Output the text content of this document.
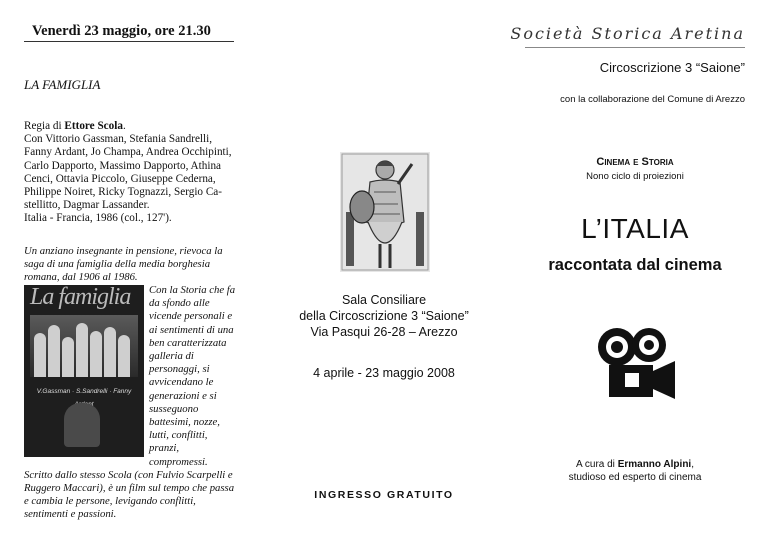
Venerdì 23 maggio, ore 21.30
LA FAMIGLIA
Regia di Ettore Scola.
Con Vittorio Gassman, Stefania Sandrelli, Fanny Ardant, Jo Champa, Andrea Occhipinti, Carlo Dapporto, Massimo Dapporto, Athina Cenci, Ottavia Piccolo, Giuseppe Cederna, Philippe Noiret, Ricky Tognazzi, Sergio Ca-stellitto, Dagmar Lassander.
Italia - Francia, 1986 (col., 127').
Un anziano insegnante in pensione, rievoca la saga di una famiglia della media borghesia romana, dal 1906 al 1986.
La famiglia
V.Gassman · S.Sandrelli · Fanny
Con la Storia che fa da sfondo alle vicende personali e ai sentimenti di una ben caratterizzata galleria di personaggi, si avvicendano le generazioni e si susseguono battesimi, nozze, lutti, conflitti, pranzi, compromessi. Scritto dallo stesso Scola (con Fulvio Scarpelli e Ruggero Maccari), è un film sul tempo che passa e cambia le persone, levigando conflitti, sentimenti e passioni.
Sala Consiliare
della Circoscrizione 3 “Saione”
Via Pasqui 26-28 – Arezzo
4 aprile - 23 maggio 2008
INGRESSO GRATUITO
Società Storica Aretina
Circoscrizione 3 “Saione”
con la collaborazione del Comune di Arezzo
Cinema e Storia
Nono ciclo di proiezioni
L’ITALIA
raccontata dal cinema
A cura di Ermanno Alpini,
studioso ed esperto di cinema
